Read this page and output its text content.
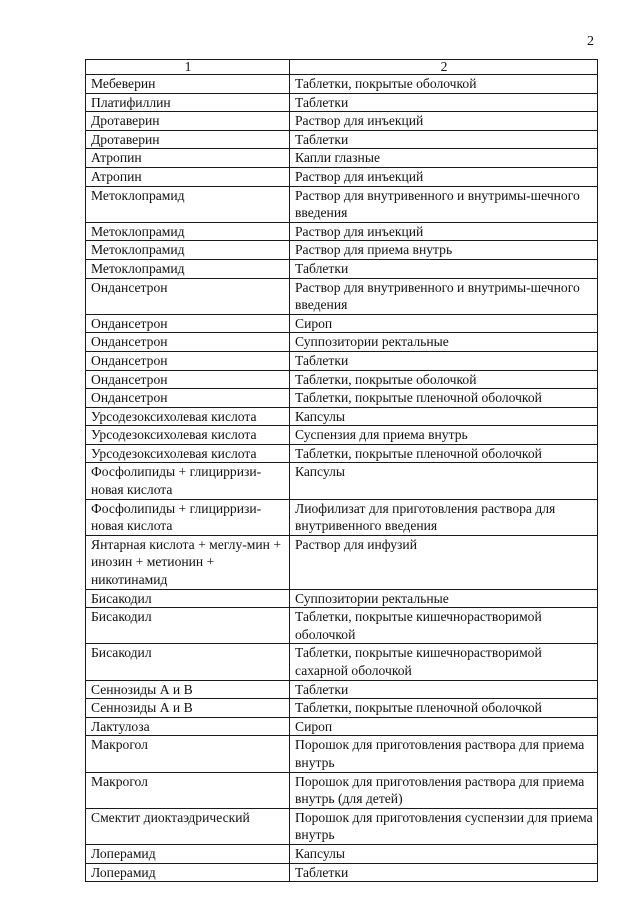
2
1	2
Мебеверин	Таблетки, покрытые оболочкой
Платифиллин	Таблетки
Дротаверин	Раствор для инъекций
Дротаверин	Таблетки
Атропин	Капли глазные
Атропин	Раствор для инъекций
Метоклопрамид	Раствор для внутривенного и внутримы-шечного введения
Метоклопрамид	Раствор для инъекций
Метоклопрамид	Раствор для приема внутрь
Метоклопрамид	Таблетки
Ондансетрон	Раствор для внутривенного и внутримы-шечного введения
Ондансетрон	Сироп
Ондансетрон	Суппозитории ректальные
Ондансетрон	Таблетки
Ондансетрон	Таблетки, покрытые оболочкой
Ондансетрон	Таблетки, покрытые пленочной оболочкой
Урсодезоксихолевая кислота	Капсулы
Урсодезоксихолевая кислота	Суспензия для приема внутрь
Урсодезоксихолевая кислота	Таблетки, покрытые пленочной оболочкой
Фосфолипиды + глицирризи-новая кислота	Капсулы
Фосфолипиды + глицирризи-новая кислота	Лиофилизат для приготовления раствора для внутривенного введения
Янтарная кислота + меглу-мин + инозин + метионин + никотинамид	Раствор для инфузий
Бисакодил	Суппозитории ректальные
Бисакодил	Таблетки, покрытые кишечнорастворимой оболочкой
Бисакодил	Таблетки, покрытые кишечнорастворимой сахарной оболочкой
Сеннозиды А и В	Таблетки
Сеннозиды А и В	Таблетки, покрытые пленочной оболочкой
Лактулоза	Сироп
Макрогол	Порошок для приготовления раствора для приема внутрь
Макрогол	Порошок для приготовления раствора для приема внутрь (для детей)
Смектит диоктаэдрический	Порошок для приготовления суспензии для приема внутрь
Лоперамид	Капсулы
Лоперамид	Таблетки
